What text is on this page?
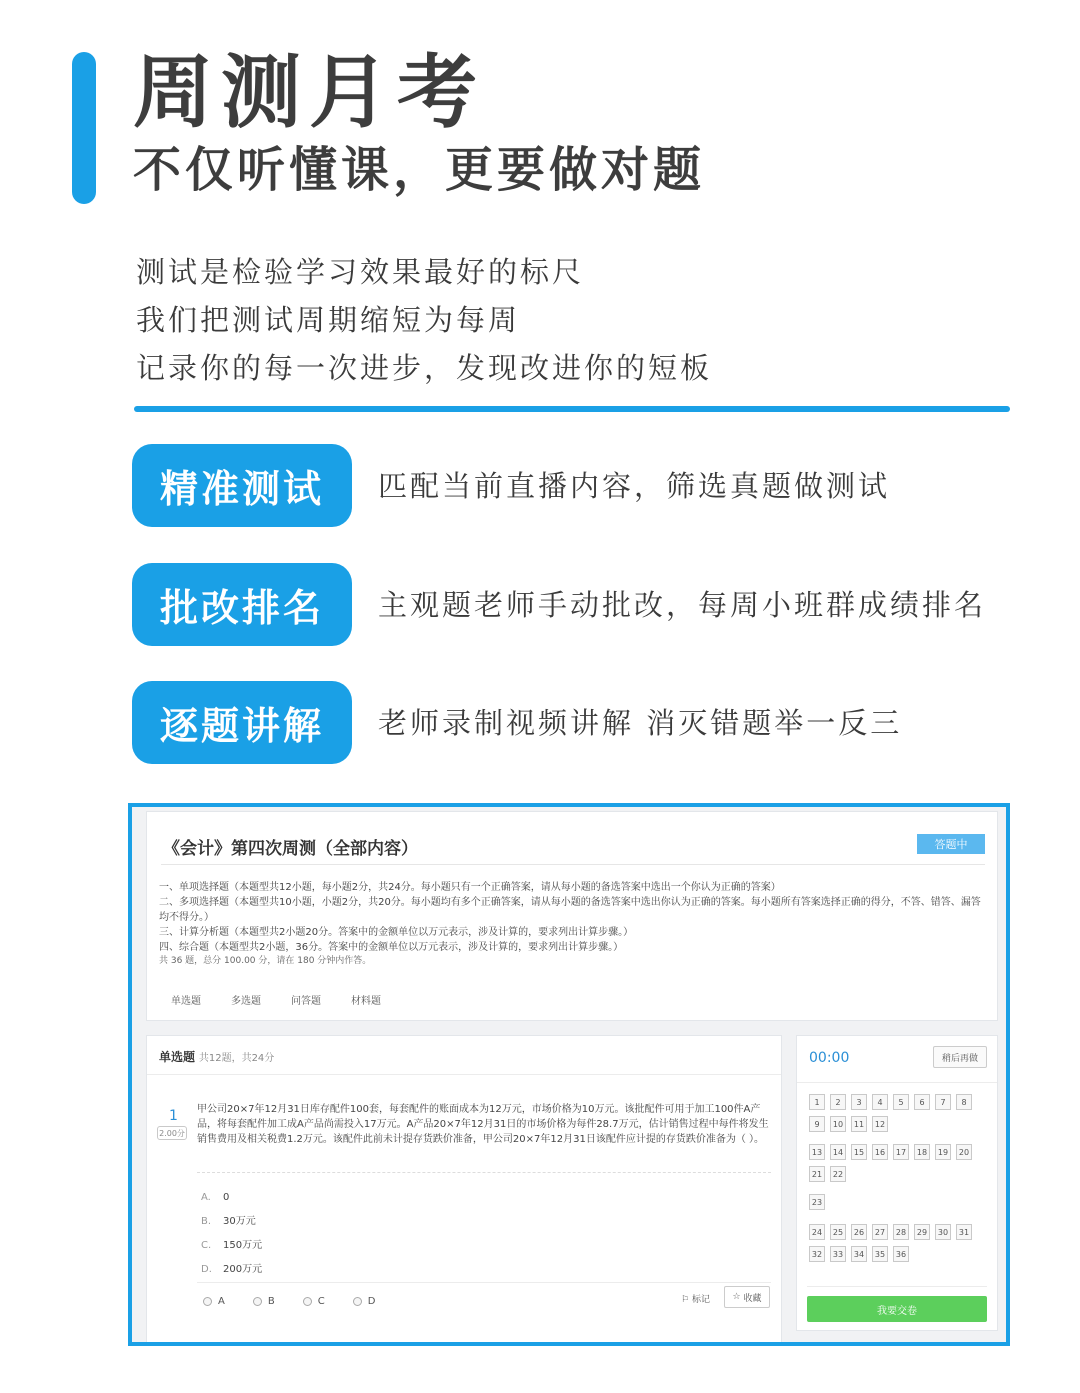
周测月考
不仅听懂课，更要做对题
测试是检验学习效果最好的标尺
我们把测试周期缩短为每周
记录你的每一次进步，发现改进你的短板
精准测试	匹配当前直播内容，筛选真题做测试
批改排名	主观题老师手动批改，每周小班群成绩排名
逐题讲解	老师录制视频讲解 消灭错题举一反三
《会计》第四次周测（全部内容）	答题中
一、单项选择题（本题型共12小题，每小题2分，共24分。每小题只有一个正确答案，请从每小题的备选答案中选出一个你认为正确的答案）
二、多项选择题（本题型共10小题，小题2分，共20分。每小题均有多个正确答案，请从每小题的备选答案中选出你认为正确的答案。每小题所有答案选择正确的得分，不答、错答、漏答均不得分。）
三、计算分析题（本题型共2小题20分。答案中的金额单位以万元表示，涉及计算的，要求列出计算步骤。）
四、综合题（本题型共2小题，36分。答案中的金额单位以万元表示，涉及计算的，要求列出计算步骤。）
共 36 题，总分 100.00 分，请在 180 分钟内作答。
单选题	多选题	问答题	材料题
单选题 共12题，共24分
1
2.00分
甲公司20×7年12月31日库存配件100套，每套配件的账面成本为12万元，市场价格为10万元。该批配件可用于加工100件A产品，将每套配件加工成A产品尚需投入17万元。A产品20×7年12月31日的市场价格为每件28.7万元，估计销售过程中每件将发生销售费用及相关税费1.2万元。该配件此前未计提存货跌价准备，甲公司20×7年12月31日该配件应计提的存货跌价准备为（ ）。
A. 0
B. 30万元
C. 150万元
D. 200万元
A	B	C	D	⚐ 标记	☆
收藏
00:00	稍后再做
1	2	3	4	5	6	7	8
9	10	11	12
13	14	15	16	17	18	19	20
21	22
23
24	25	26	27	28	29	30	31
32	33	34	35	36
我要交卷
